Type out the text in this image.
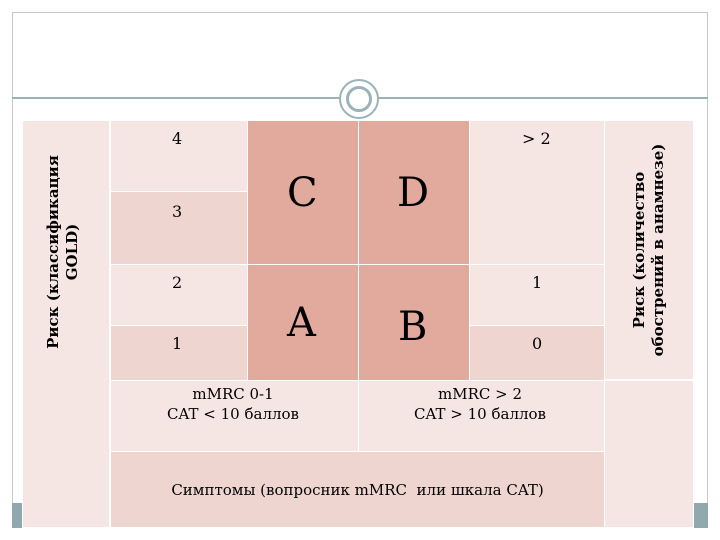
Риск (классификация GOLD)	Риск (количество обострений в анамнезе)
4
3
2
1
C D
A B
> 2
1
0
mMRC 0-1
CAT < 10 баллов
mMRC > 2
CAT > 10 баллов
Симптомы (вопросник mMRC  или шкала CAT)
